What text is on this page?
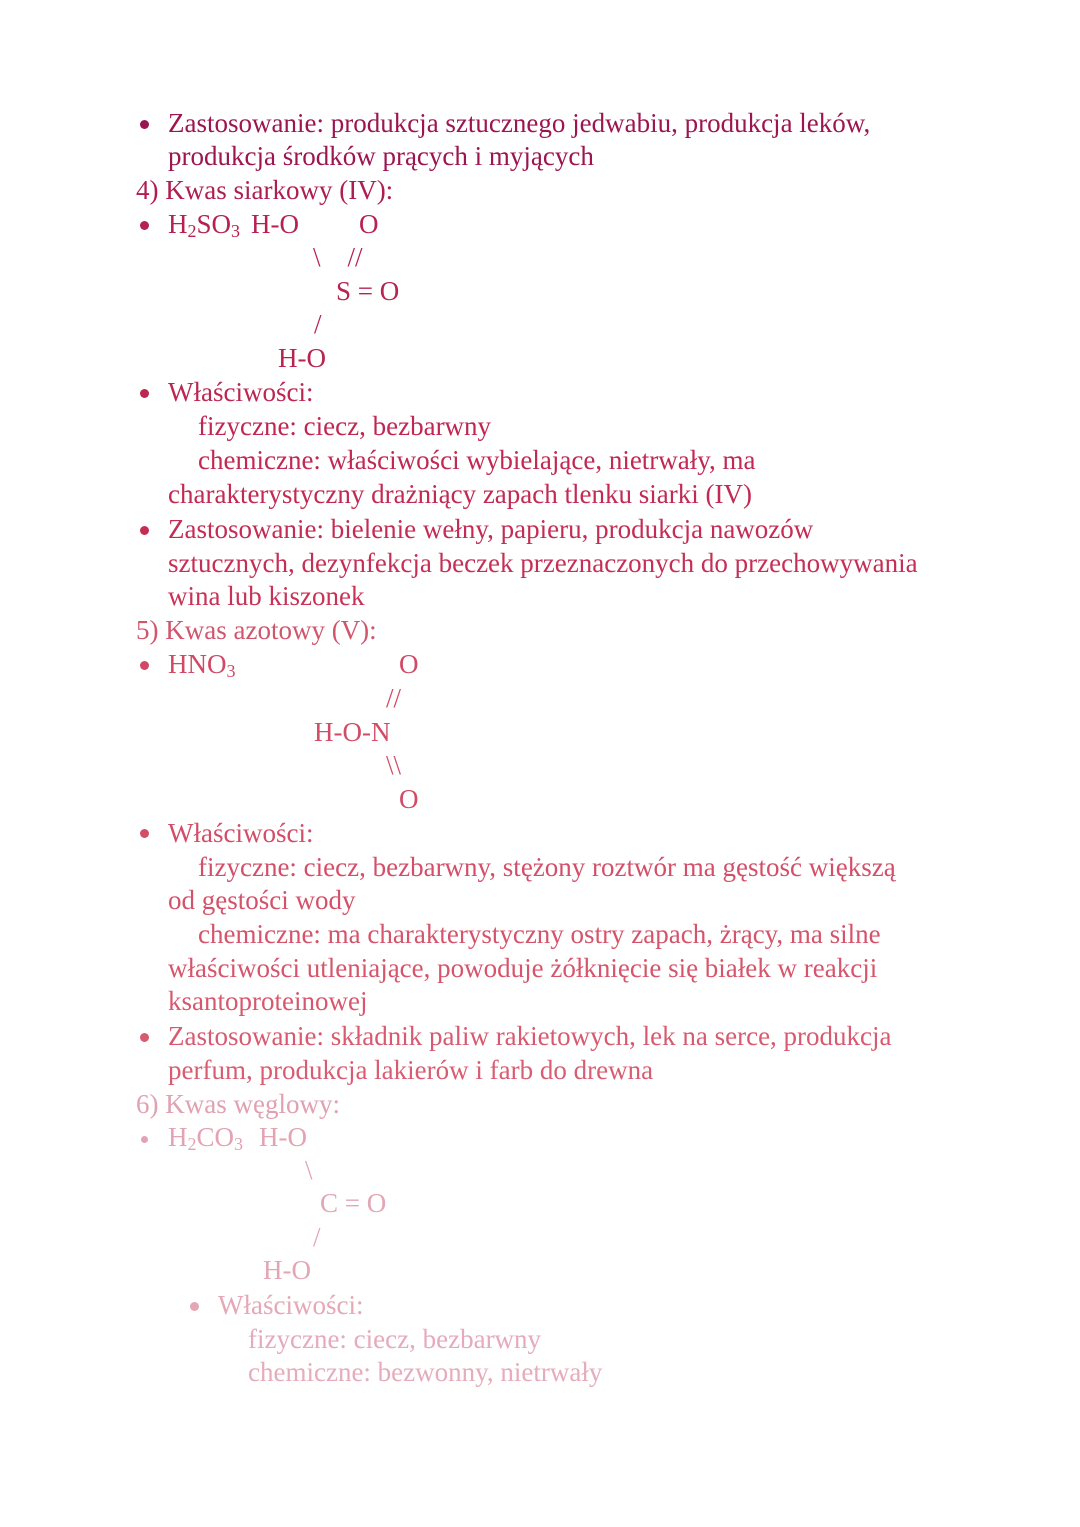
Zastosowanie: produkcja sztucznego jedwabiu, produkcja leków,
produkcja środków prących i myjących
4) Kwas siarkowy (IV):
$H_2SO_3$ H-O O
\    //
S = O
/
H-O
Właściwości:
fizyczne: ciecz, bezbarwny
chemiczne: właściwości wybielające, nietrwały, ma
charakterystyczny drażniący zapach tlenku siarki (IV)
Zastosowanie: bielenie wełny, papieru, produkcja nawozów
sztucznych, dezynfekcja beczek przeznaczonych do przechowywania
wina lub kiszonek
5) Kwas azotowy (V):
$HNO_3$	O
//
H-O-N
\\
O
Właściwości:
fizyczne: ciecz, bezbarwny, stężony roztwór ma gęstość większą
od gęstości wody
chemiczne: ma charakterystyczny ostry zapach, żrący, ma silne
właściwości utleniające, powoduje żółknięcie się białek w reakcji
ksantoproteinowej
Zastosowanie: składnik paliw rakietowych, lek na serce, produkcja
perfum, produkcja lakierów i farb do drewna
6) Kwas węglowy:
$H_2CO_3$ H-O
\
C = O
/
H-O
Właściwości:
fizyczne: ciecz, bezbarwny
chemiczne: bezwonny, nietrwały
